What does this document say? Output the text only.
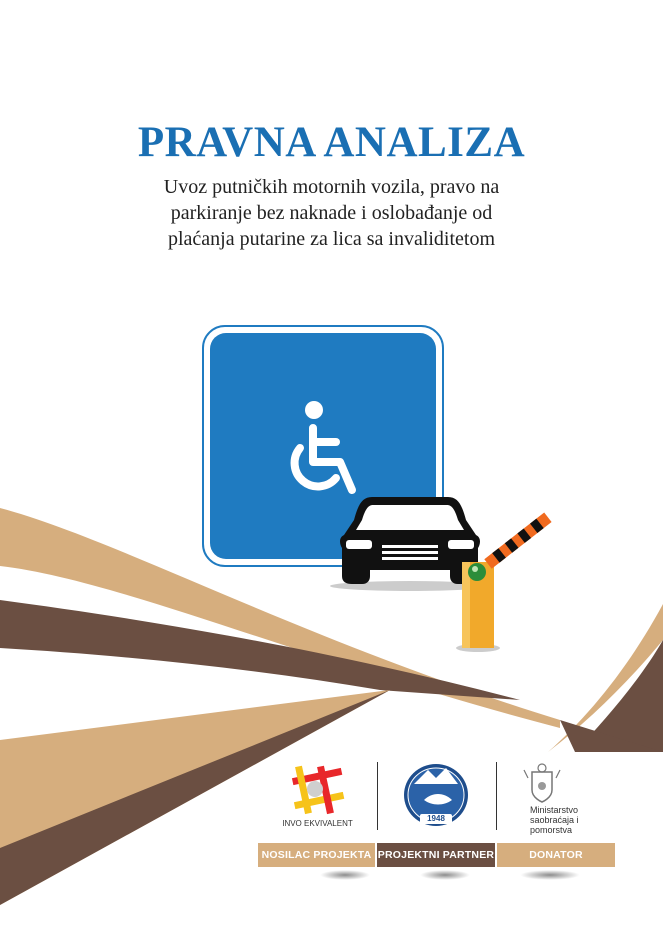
PRAVNA ANALIZA
Uvoz putničkih motornih vozila, pravo na
parkiranje bez naknade i oslobađanje od
plaćanja putarine za lica sa invaliditetom
INVO EKVIVALENT
1948
Ministarstvo
saobraćaja i
pomorstva
NOSILAC PROJEKTA PROJEKTNI PARTNER	DONATOR
